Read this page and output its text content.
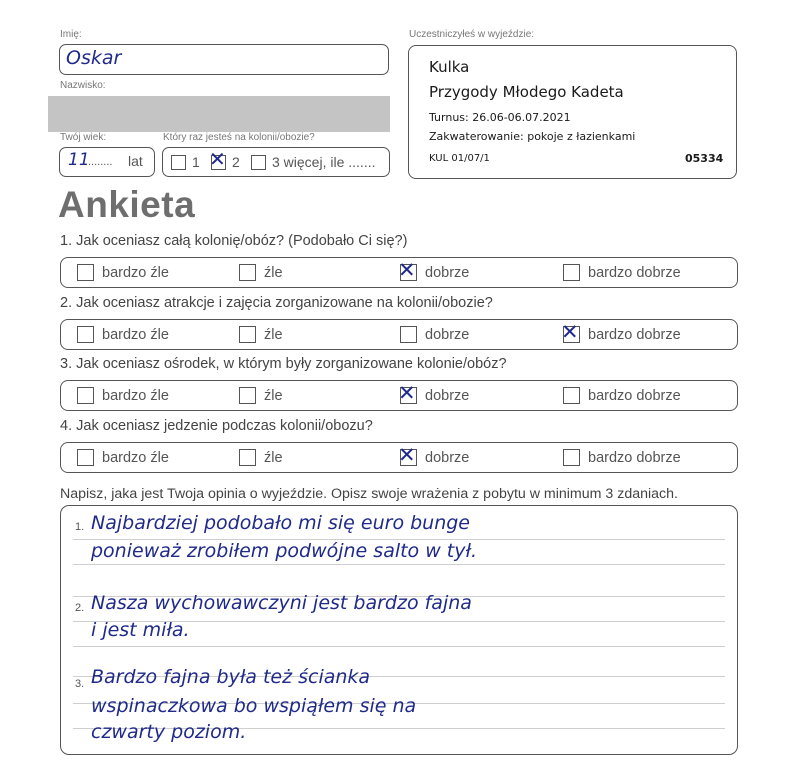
Imię:
Oskar
Nazwisko:
Twój wiek:
11
........ lat
Który raz jesteś na kolonii/obozie?
1 ✕ 2 3 więcej, ile .......
Uczestniczyłeś w wyjeździe:
Kulka
Przygody Młodego Kadeta
Turnus: 26.06-06.07.2021
Zakwaterowanie: pokoje z łazienkami
KUL 01/07/1	05334
Ankieta
1. Jak oceniasz całą kolonię/obóz? (Podobało Ci się?)
bardzo źle	źle	✕ dobrze	bardzo dobrze
2. Jak oceniasz atrakcje i zajęcia zorganizowane na kolonii/obozie?
bardzo źle	źle	dobrze	✕ bardzo dobrze
3. Jak oceniasz ośrodek, w którym były zorganizowane kolonie/obóz?
bardzo źle	źle	✕ dobrze	bardzo dobrze
4. Jak oceniasz jedzenie podczas kolonii/obozu?
bardzo źle	źle	✕ dobrze	bardzo dobrze
Napisz, jaka jest Twoja opinia o wyjeździe. Opisz swoje wrażenia z pobytu w minimum 3 zdaniach.
1. Najbardziej podobało mi się euro bunge
ponieważ zrobiłem podwójne salto w tył.
2. Nasza wychowawczyni jest bardzo fajna
i jest miła.
3. Bardzo fajna była też ścianka
wspinaczkowa bo wspiąłem się na
czwarty poziom.
